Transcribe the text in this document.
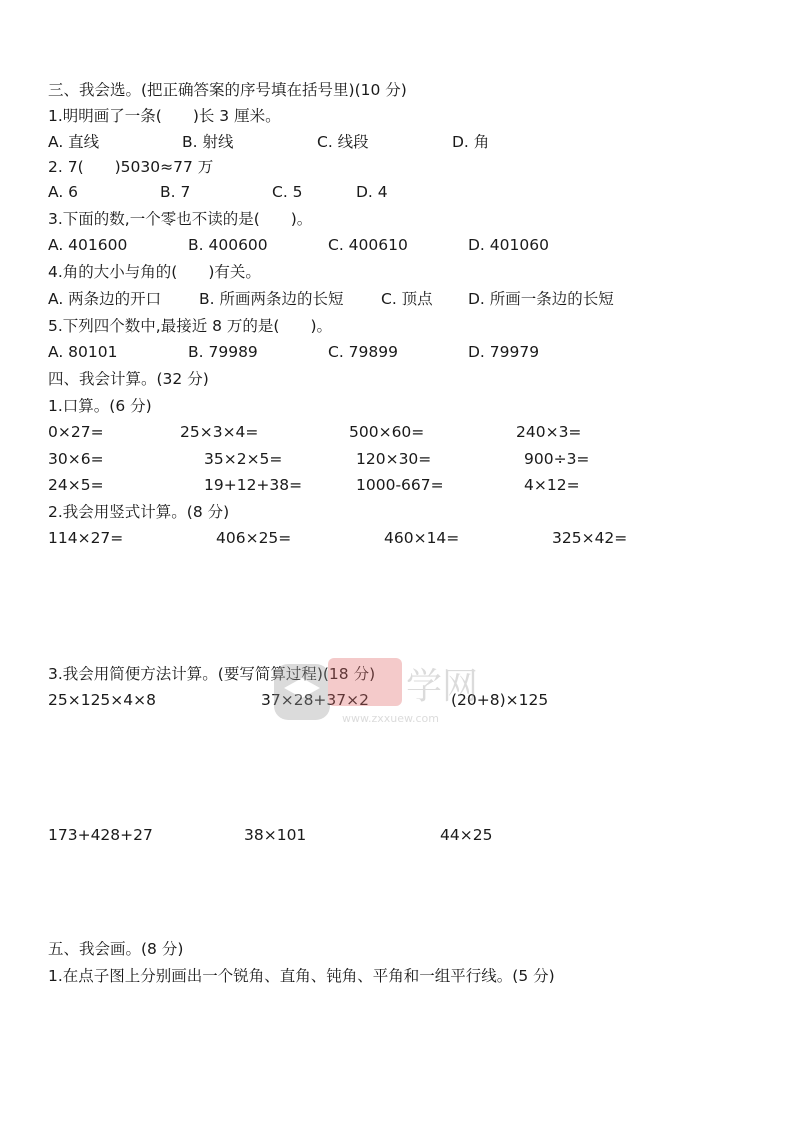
三、我会选。(把正确答案的序号填在括号里)(10 分)
1.明明画了一条(　　)长 3 厘米。
A. 直线	B. 射线	C. 线段	D. 角
2. 7(　　)5030≈77 万
A. 6	B. 7	C. 5	D. 4
3.下面的数,一个零也不读的是(　　)。
A. 401600	B. 400600	C. 400610	D. 401060
4.角的大小与角的(　　)有关。
A. 两条边的开口 B. 所画两条边的长短 C. 顶点 D. 所画一条边的长短
5.下列四个数中,最接近 8 万的是(　　)。
A. 80101	B. 79989	C. 79899	D. 79979
四、我会计算。(32 分)
1.口算。(6 分)
0×27=	25×3×4=	500×60=	240×3=
30×6=	35×2×5=	120×30=	900÷3=
24×5=	19+12+38=	1000-667=	4×12=
2.我会用竖式计算。(8 分)
114×27=	406×25=	460×14=	325×42=
3.我会用简便方法计算。(要写简算过程)(18 分)
25×125×4×8	37×28+37×2	(20+8)×125
173+428+27	38×101	44×25
五、我会画。(8 分)
1.在点子图上分别画出一个锐角、直角、钝角、平角和一组平行线。(5 分)
学网
www.zxxuew.com
